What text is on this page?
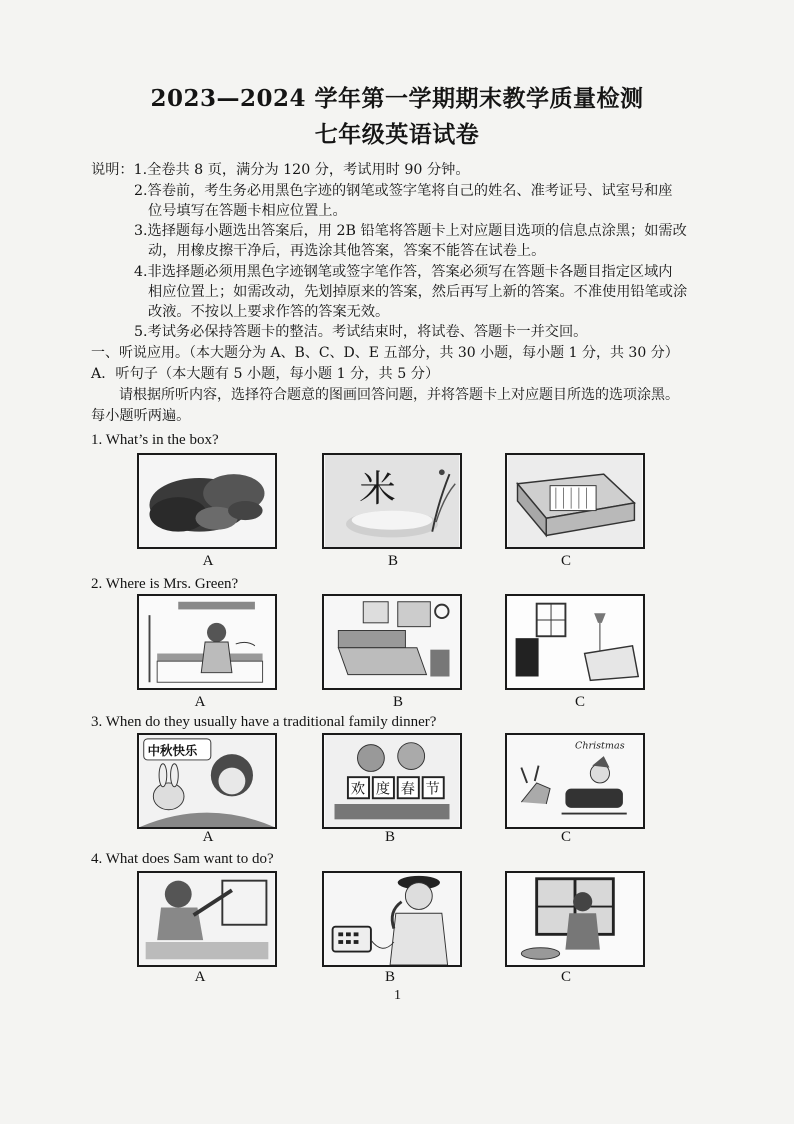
2023—2024 学年第一学期期末教学质量检测
七年级英语试卷
说明：1.全卷共 8 页，满分为 120 分，考试用时 90 分钟。
2.答卷前，考生务必用黑色字迹的钢笔或签字笔将自己的姓名、准考证号、试室号和座
位号填写在答题卡相应位置上。
3.选择题每小题选出答案后，用 2B 铅笔将答题卡上对应题目选项的信息点涂黑；如需改
动，用橡皮擦干净后，再选涂其他答案，答案不能答在试卷上。
4.非选择题必须用黑色字迹钢笔或签字笔作答，答案必须写在答题卡各题目指定区域内
相应位置上；如需改动，先划掉原来的答案，然后再写上新的答案。不准使用铅笔或涂
改液。不按以上要求作答的答案无效。
5.考试务必保持答题卡的整洁。考试结束时，将试卷、答题卡一并交回。
一、听说应用。（本大题分为 A、B、C、D、E 五部分，共 30 小题，每小题 1 分，共 30 分）
A．听句子（本大题有 5 小题，每小题 1 分，共 5 分）
请根据所听内容，选择符合题意的图画回答问题，并将答题卡上对应题目所选的选项涂黑。
每小题听两遍。
1. What’s in the box?
米
A	B	C
2. Where is Mrs. Green?
A	B	C
3. When do they usually have a traditional family dinner?
中秋快乐
欢 度 春 节
Christmas
A	B	C
4. What does Sam want to do?
A	B	C
1
